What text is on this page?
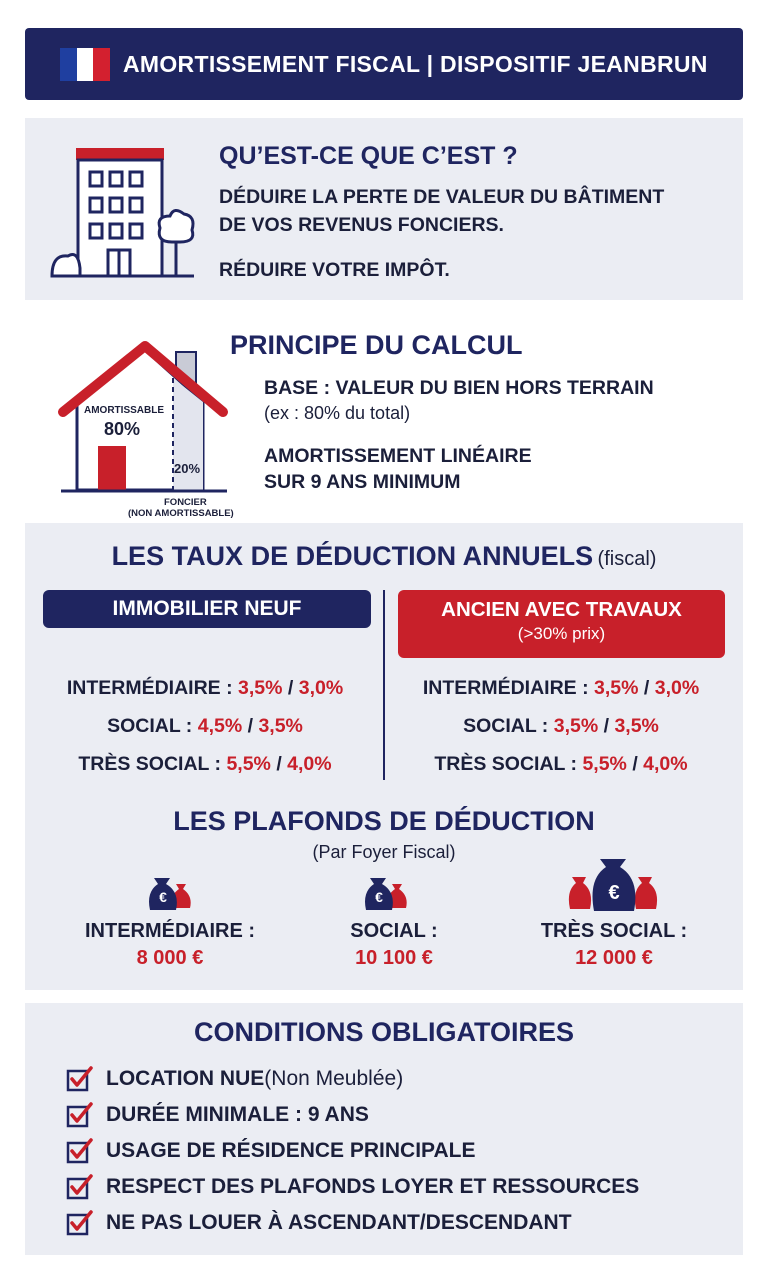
AMORTISSEMENT FISCAL | DISPOSITIF JEANBRUN
QU’EST-CE QUE C’EST ?
DÉDUIRE LA PERTE DE VALEUR DU BÂTIMENT
DE VOS REVENUS FONCIERS.
RÉDUIRE VOTRE IMPÔT.
AMORTISSABLE
80%
20%
FONCIER
(NON AMORTISSABLE)
PRINCIPE DU CALCUL
BASE : VALEUR DU BIEN HORS TERRAIN
(ex : 80% du total)
AMORTISSEMENT LINÉAIRE
SUR 9 ANS MINIMUM
LES TAUX DE DÉDUCTION ANNUELS (fiscal)
IMMOBILIER NEUF	ANCIEN AVEC TRAVAUX
(>30% prix)
INTERMÉDIAIRE : 3,5% / 3,0%
SOCIAL : 4,5% / 3,5%
TRÈS SOCIAL : 5,5% / 4,0%
INTERMÉDIAIRE : 3,5% / 3,0%
SOCIAL : 3,5% / 3,5%
TRÈS SOCIAL : 5,5% / 4,0%
LES PLAFONDS DE DÉDUCTION
(Par Foyer Fiscal)
€	€	€
INTERMÉDIAIRE :
8 000 €
SOCIAL :
10 100 €
TRÈS SOCIAL :
12 000 €
CONDITIONS OBLIGATOIRES
LOCATION NUE (Non Meublée)
DURÉE MINIMALE : 9 ANS
USAGE DE RÉSIDENCE PRINCIPALE
RESPECT DES PLAFONDS LOYER ET RESSOURCES
NE PAS LOUER À ASCENDANT/DESCENDANT
